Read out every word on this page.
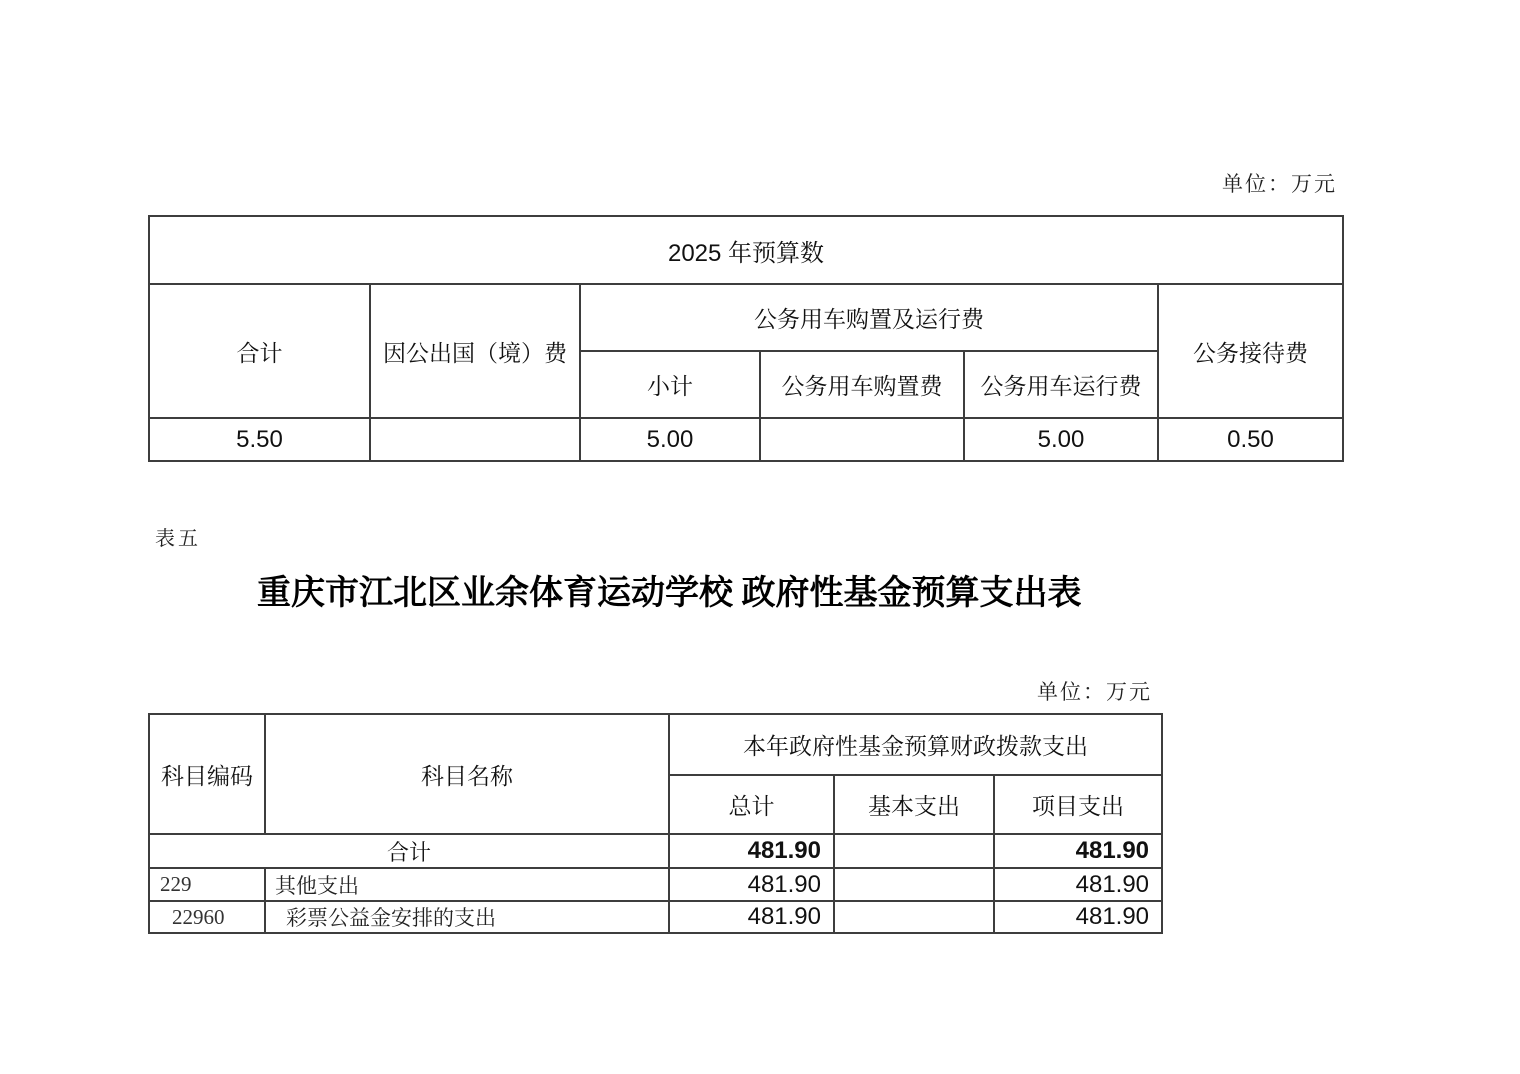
单位：万元
2025 年预算数					
合计	因公出国（境）费	公务用车购置及运行费			公务接待费
		小计	公务用车购置费	公务用车运行费	
5.50		5.00		5.00	0.50
表五
重庆市江北区业余体育运动学校 政府性基金预算支出表
单位：万元
科目编码	科目名称	本年政府性基金预算财政拨款支出		
		总计	基本支出	项目支出
合计		481.90		481.90
229	其他支出	481.90		481.90
22960	彩票公益金安排的支出	481.90		481.90
